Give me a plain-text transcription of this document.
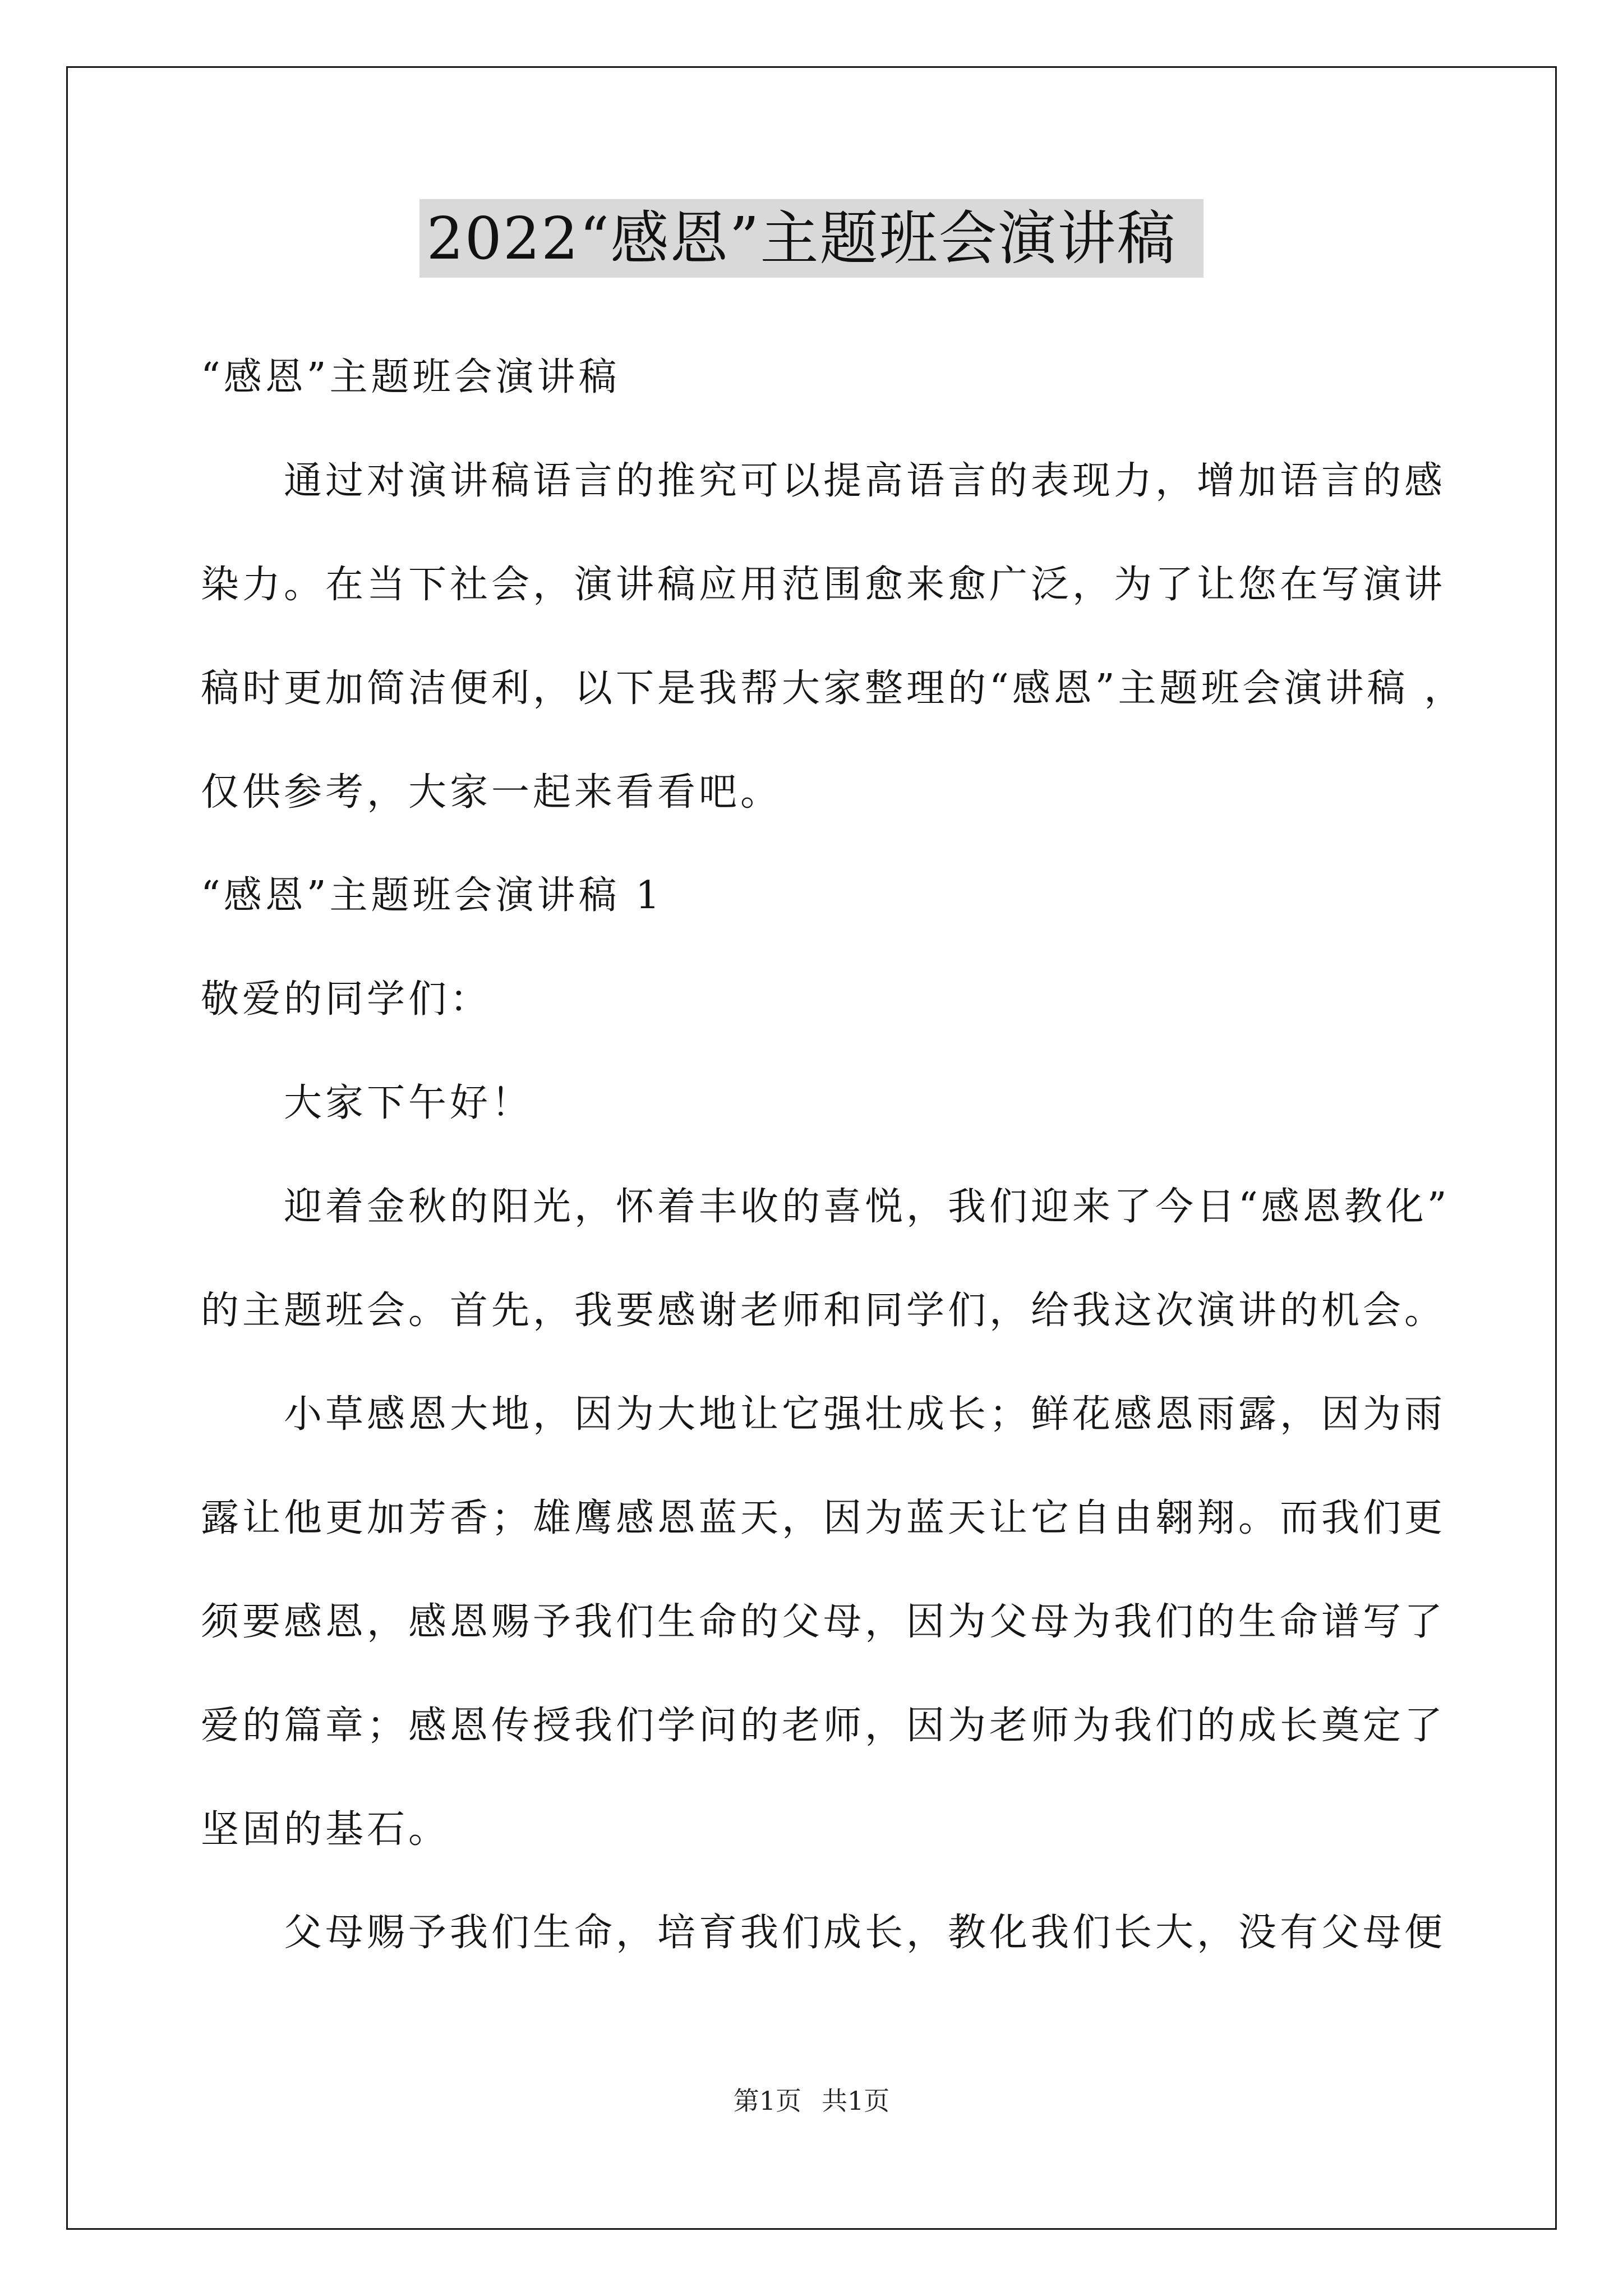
2022“感恩”主题班会演讲稿

“感恩”主题班会演讲稿

　　通过对演讲稿语言的推究可以提高语言的表现力，增加语言的感

染力。在当下社会，演讲稿应用范围愈来愈广泛，为了让您在写演讲

稿时更加简洁便利，以下是我帮大家整理的“感恩”主题班会演讲稿 ，

仅供参考，大家一起来看看吧。

“感恩”主题班会演讲稿 1

敬爱的同学们：

　　大家下午好！

　　迎着金秋的阳光，怀着丰收的喜悦，我们迎来了今日“感恩教化”

的主题班会。首先，我要感谢老师和同学们，给我这次演讲的机会。

　　小草感恩大地，因为大地让它强壮成长；鲜花感恩雨露，因为雨

露让他更加芳香；雄鹰感恩蓝天，因为蓝天让它自由翱翔。而我们更

须要感恩，感恩赐予我们生命的父母，因为父母为我们的生命谱写了

爱的篇章；感恩传授我们学问的老师，因为老师为我们的成长奠定了

坚固的基石。

　　父母赐予我们生命，培育我们成长，教化我们长大，没有父母便

第1页 共1页
